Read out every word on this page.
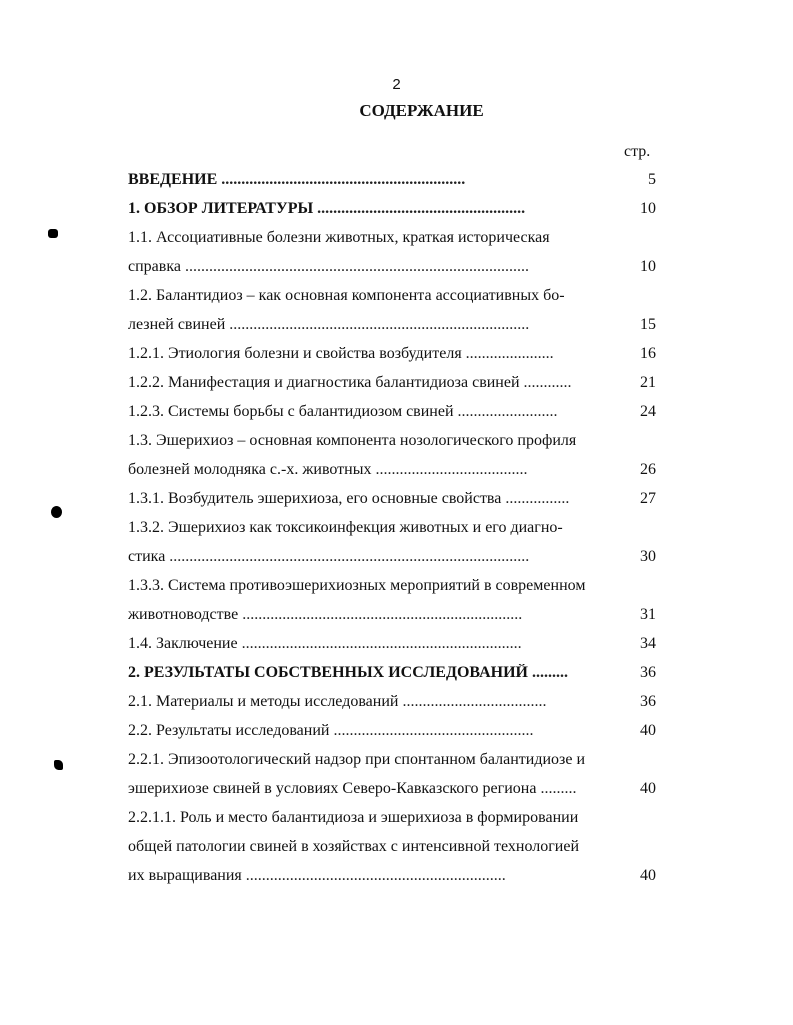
2
СОДЕРЖАНИЕ
стр.
ВВЕДЕНИЕ .............................................................	5
1. ОБЗОР ЛИТЕРАТУРЫ ....................................................	10
1.1. Ассоциативные болезни животных, краткая историческая
справка ......................................................................................	10
1.2. Балантидиоз – как основная компонента ассоциативных бо-
лезней свиней ...........................................................................	15
1.2.1. Этиология болезни и свойства возбудителя ......................	16
1.2.2. Манифестация и диагностика балантидиоза свиней ............	21
1.2.3. Системы борьбы с балантидиозом свиней .........................	24
1.3. Эшерихиоз – основная компонента нозологического профиля
болезней молодняка с.-х. животных ......................................	26
1.3.1. Возбудитель эшерихиоза, его основные свойства ................	27
1.3.2. Эшерихиоз как токсикоинфекция животных и его диагно-
стика ..........................................................................................	30
1.3.3. Система противоэшерихиозных мероприятий в современном
животноводстве ......................................................................	31
1.4. Заключение ......................................................................	34
2. РЕЗУЛЬТАТЫ СОБСТВЕННЫХ ИССЛЕДОВАНИЙ .........	36
2.1. Материалы и методы исследований ....................................	36
2.2. Результаты исследований ..................................................	40
2.2.1. Эпизоотологический надзор при спонтанном балантидиозе и
эшерихиозе свиней в условиях Северо-Кавказского региона .........	40
2.2.1.1. Роль и место балантидиоза и эшерихиоза в формировании
общей патологии свиней в хозяйствах с интенсивной технологией
их выращивания .................................................................	40
